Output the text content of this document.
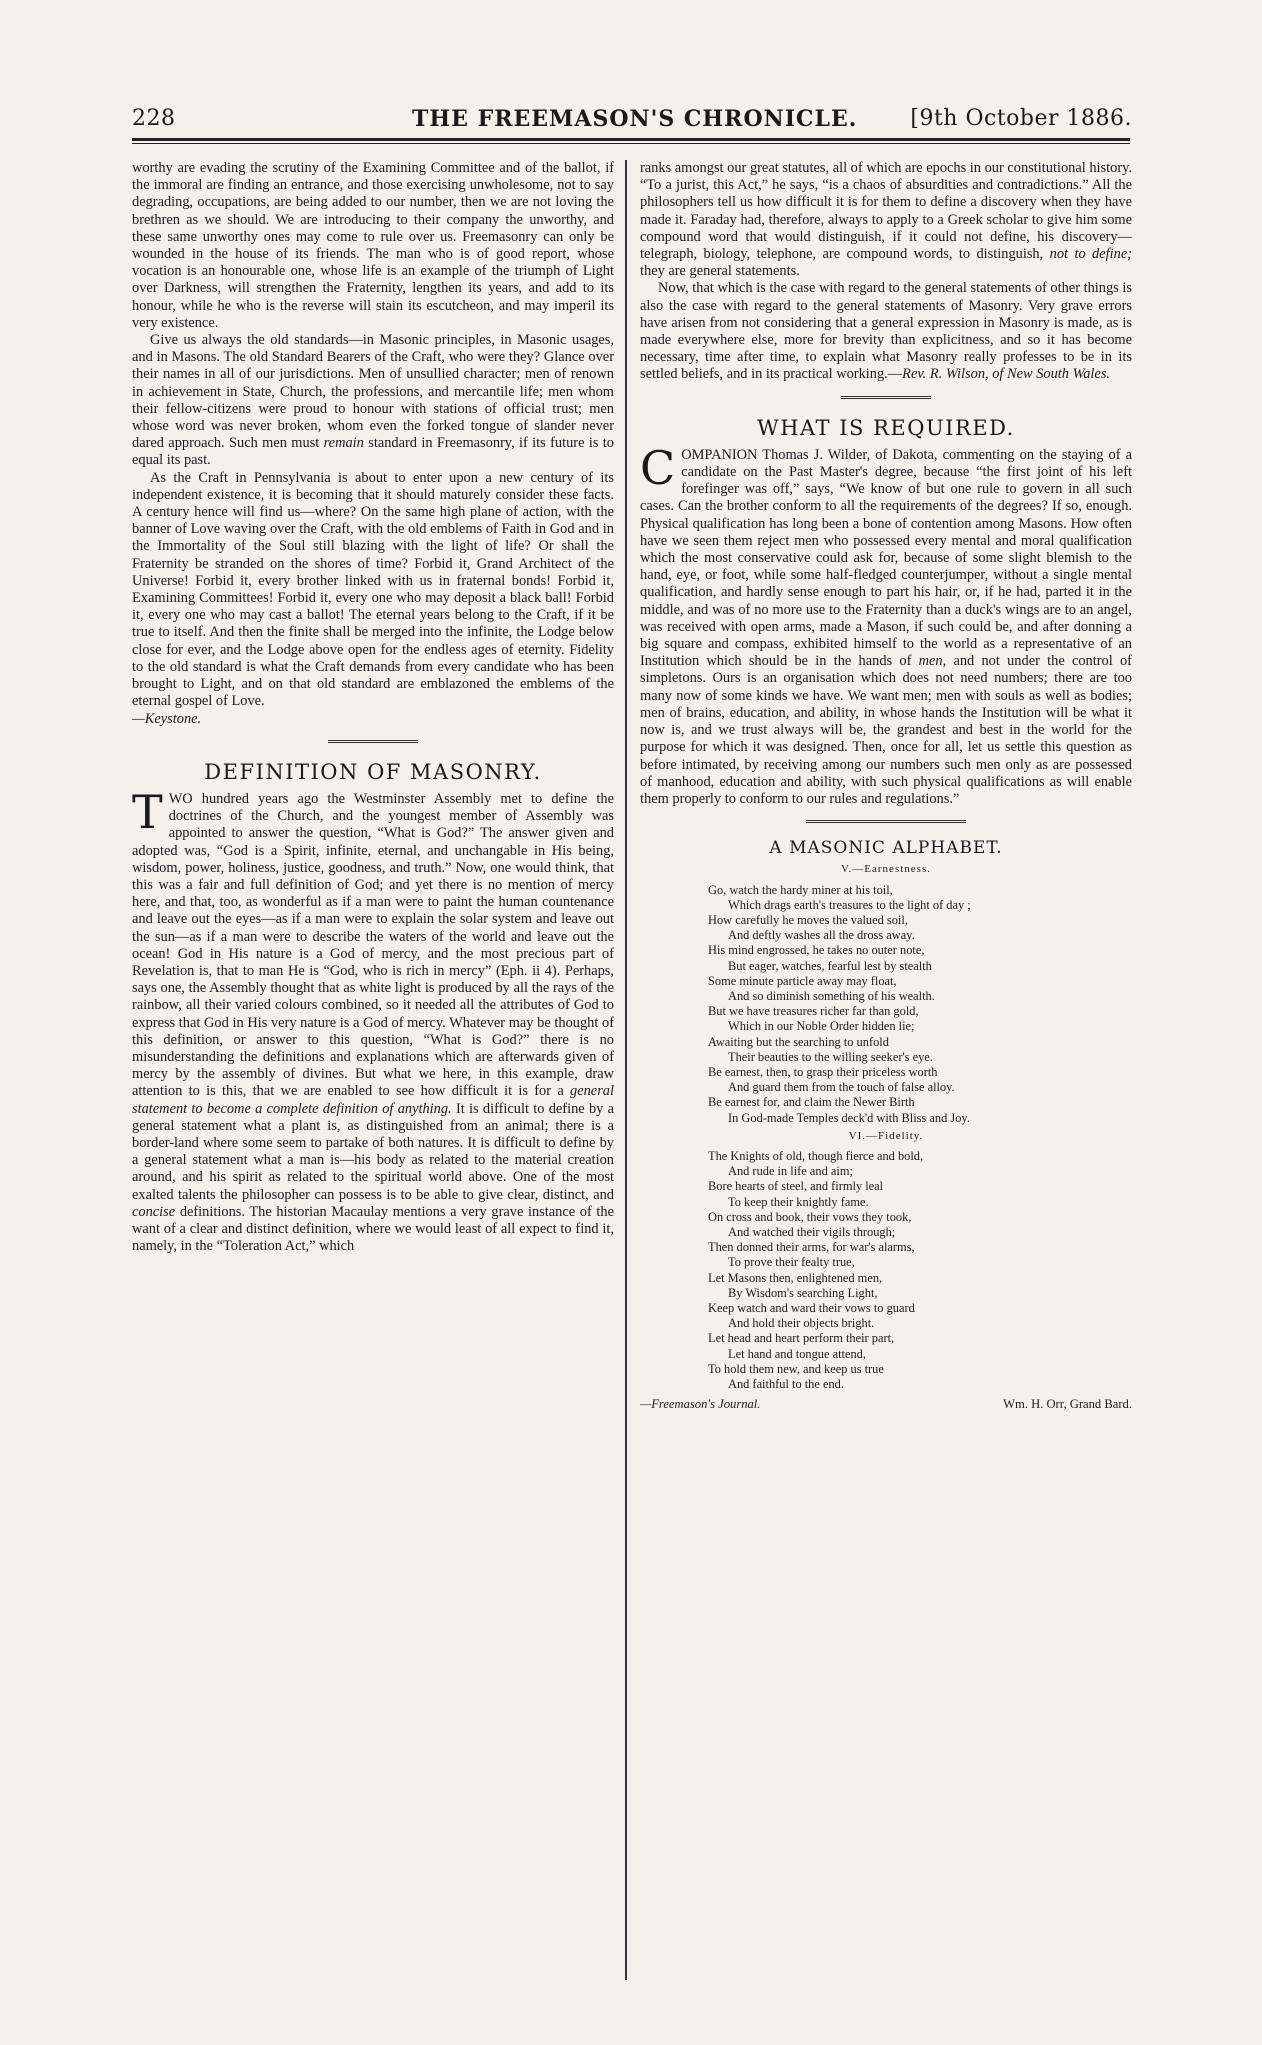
228	THE FREEMASON'S CHRONICLE. [9th October 1886.

worthy are evading the scrutiny of the Examining Committee and of the ballot, if the immoral are finding an entrance, and those exercising unwholesome, not to say degrading, occupations, are being added to our number, then we are not loving the brethren as we should. We are introducing to their company the unworthy, and these same unworthy ones may come to rule over us. Freemasonry can only be wounded in the house of its friends. The man who is of good report, whose vocation is an honourable one, whose life is an example of the triumph of Light over Darkness, will strengthen the Fraternity, lengthen its years, and add to its honour, while he who is the reverse will stain its escutcheon, and may imperil its very existence.

Give us always the old standards—in Masonic principles, in Masonic usages, and in Masons. The old Standard Bearers of the Craft, who were they? Glance over their names in all of our jurisdictions. Men of unsullied character; men of renown in achievement in State, Church, the professions, and mercantile life; men whom their fellow-citizens were proud to honour with stations of official trust; men whose word was never broken, whom even the forked tongue of slander never dared approach. Such men must remain standard in Freemasonry, if its future is to equal its past.

As the Craft in Pennsylvania is about to enter upon a new century of its independent existence, it is becoming that it should maturely consider these facts. A century hence will find us—where? On the same high plane of action, with the banner of Love waving over the Craft, with the old emblems of Faith in God and in the Immortality of the Soul still blazing with the light of life? Or shall the Fraternity be stranded on the shores of time? Forbid it, Grand Architect of the Universe! Forbid it, every brother linked with us in fraternal bonds! Forbid it, Examining Committees! Forbid it, every one who may deposit a black ball! Forbid it, every one who may cast a ballot! The eternal years belong to the Craft, if it be true to itself. And then the finite shall be merged into the infinite, the Lodge below close for ever, and the Lodge above open for the endless ages of eternity. Fidelity to the old standard is what the Craft demands from every candidate who has been brought to Light, and on that old standard are emblazoned the emblems of the eternal gospel of Love.

—Keystone.

DEFINITION OF MASONRY.

TWO hundred years ago the Westminster Assembly met to define the doctrines of the Church, and the youngest member of Assembly was appointed to answer the question, “What is God?” The answer given and adopted was, “God is a Spirit, infinite, eternal, and unchangable in His being, wisdom, power, holiness, justice, goodness, and truth.” Now, one would think, that this was a fair and full definition of God; and yet there is no mention of mercy here, and that, too, as wonderful as if a man were to paint the human countenance and leave out the eyes—as if a man were to explain the solar system and leave out the sun—as if a man were to describe the waters of the world and leave out the ocean! God in His nature is a God of mercy, and the most precious part of Revelation is, that to man He is “God, who is rich in mercy” (Eph. ii 4). Perhaps, says one, the Assembly thought that as white light is produced by all the rays of the rainbow, all their varied colours combined, so it needed all the attributes of God to express that God in His very nature is a God of mercy. Whatever may be thought of this definition, or answer to this question, “What is God?” there is no misunderstanding the definitions and explanations which are afterwards given of mercy by the assembly of divines. But what we here, in this example, draw attention to is this, that we are enabled to see how difficult it is for a general statement to become a complete definition of anything. It is difficult to define by a general statement what a plant is, as distinguished from an animal; there is a border-land where some seem to partake of both natures. It is difficult to define by a general statement what a man is—his body as related to the material creation around, and his spirit as related to the spiritual world above. One of the most exalted talents the philosopher can possess is to be able to give clear, distinct, and concise definitions. The historian Macaulay mentions a very grave instance of the want of a clear and distinct definition, where we would least of all expect to find it, namely, in the “Toleration Act,” which

ranks amongst our great statutes, all of which are epochs in our constitutional history. “To a jurist, this Act,” he says, “is a chaos of absurdities and contradictions.” All the philosophers tell us how difficult it is for them to define a discovery when they have made it. Faraday had, therefore, always to apply to a Greek scholar to give him some compound word that would distinguish, if it could not define, his discovery—telegraph, biology, telephone, are compound words, to distinguish, not to define; they are general statements.

Now, that which is the case with regard to the general statements of other things is also the case with regard to the general statements of Masonry. Very grave errors have arisen from not considering that a general expression in Masonry is made, as is made everywhere else, more for brevity than explicitness, and so it has become necessary, time after time, to explain what Masonry really professes to be in its settled beliefs, and in its practical working.—Rev. R. Wilson, of New South Wales.

WHAT IS REQUIRED.

COMPANION Thomas J. Wilder, of Dakota, commenting on the staying of a candidate on the Past Master's degree, because “the first joint of his left forefinger was off,” says, “We know of but one rule to govern in all such cases. Can the brother conform to all the requirements of the degrees? If so, enough. Physical qualification has long been a bone of contention among Masons. How often have we seen them reject men who possessed every mental and moral qualification which the most conservative could ask for, because of some slight blemish to the hand, eye, or foot, while some half-fledged counterjumper, without a single mental qualification, and hardly sense enough to part his hair, or, if he had, parted it in the middle, and was of no more use to the Fraternity than a duck's wings are to an angel, was received with open arms, made a Mason, if such could be, and after donning a big square and compass, exhibited himself to the world as a representative of an Institution which should be in the hands of men, and not under the control of simpletons. Ours is an organisation which does not need numbers; there are too many now of some kinds we have. We want men; men with souls as well as bodies; men of brains, education, and ability, in whose hands the Institution will be what it now is, and we trust always will be, the grandest and best in the world for the purpose for which it was designed. Then, once for all, let us settle this question as before intimated, by receiving among our numbers such men only as are possessed of manhood, education and ability, with such physical qualifications as will enable them properly to conform to our rules and regulations.”

A MASONIC ALPHABET.
V.—Earnestness.
Go, watch the hardy miner at his toil,
Which drags earth's treasures to the light of day ;
How carefully he moves the valued soil,
And deftly washes all the dross away.
His mind engrossed, he takes no outer note,
But eager, watches, fearful lest by stealth
Some minute particle away may float,
And so diminish something of his wealth.
But we have treasures richer far than gold,
Which in our Noble Order hidden lie;
Awaiting but the searching to unfold
Their beauties to the willing seeker's eye.
Be earnest, then, to grasp their priceless worth
And guard them from the touch of false alloy.
Be earnest for, and claim the Newer Birth
In God-made Temples deck'd with Bliss and Joy.
VI.—Fidelity.
The Knights of old, though fierce and bold,
And rude in life and aim;
Bore hearts of steel, and firmly leal
To keep their knightly fame.
On cross and book, their vows they took,
And watched their vigils through;
Then donned their arms, for war's alarms,
To prove their fealty true,
Let Masons then, enlightened men,
By Wisdom's searching Light,
Keep watch and ward their vows to guard
And hold their objects bright.
Let head and heart perform their part,
Let hand and tongue attend,
To hold them new, and keep us true
And faithful to the end.
—Freemason's Journal.	Wm. H. Orr, Grand Bard.
